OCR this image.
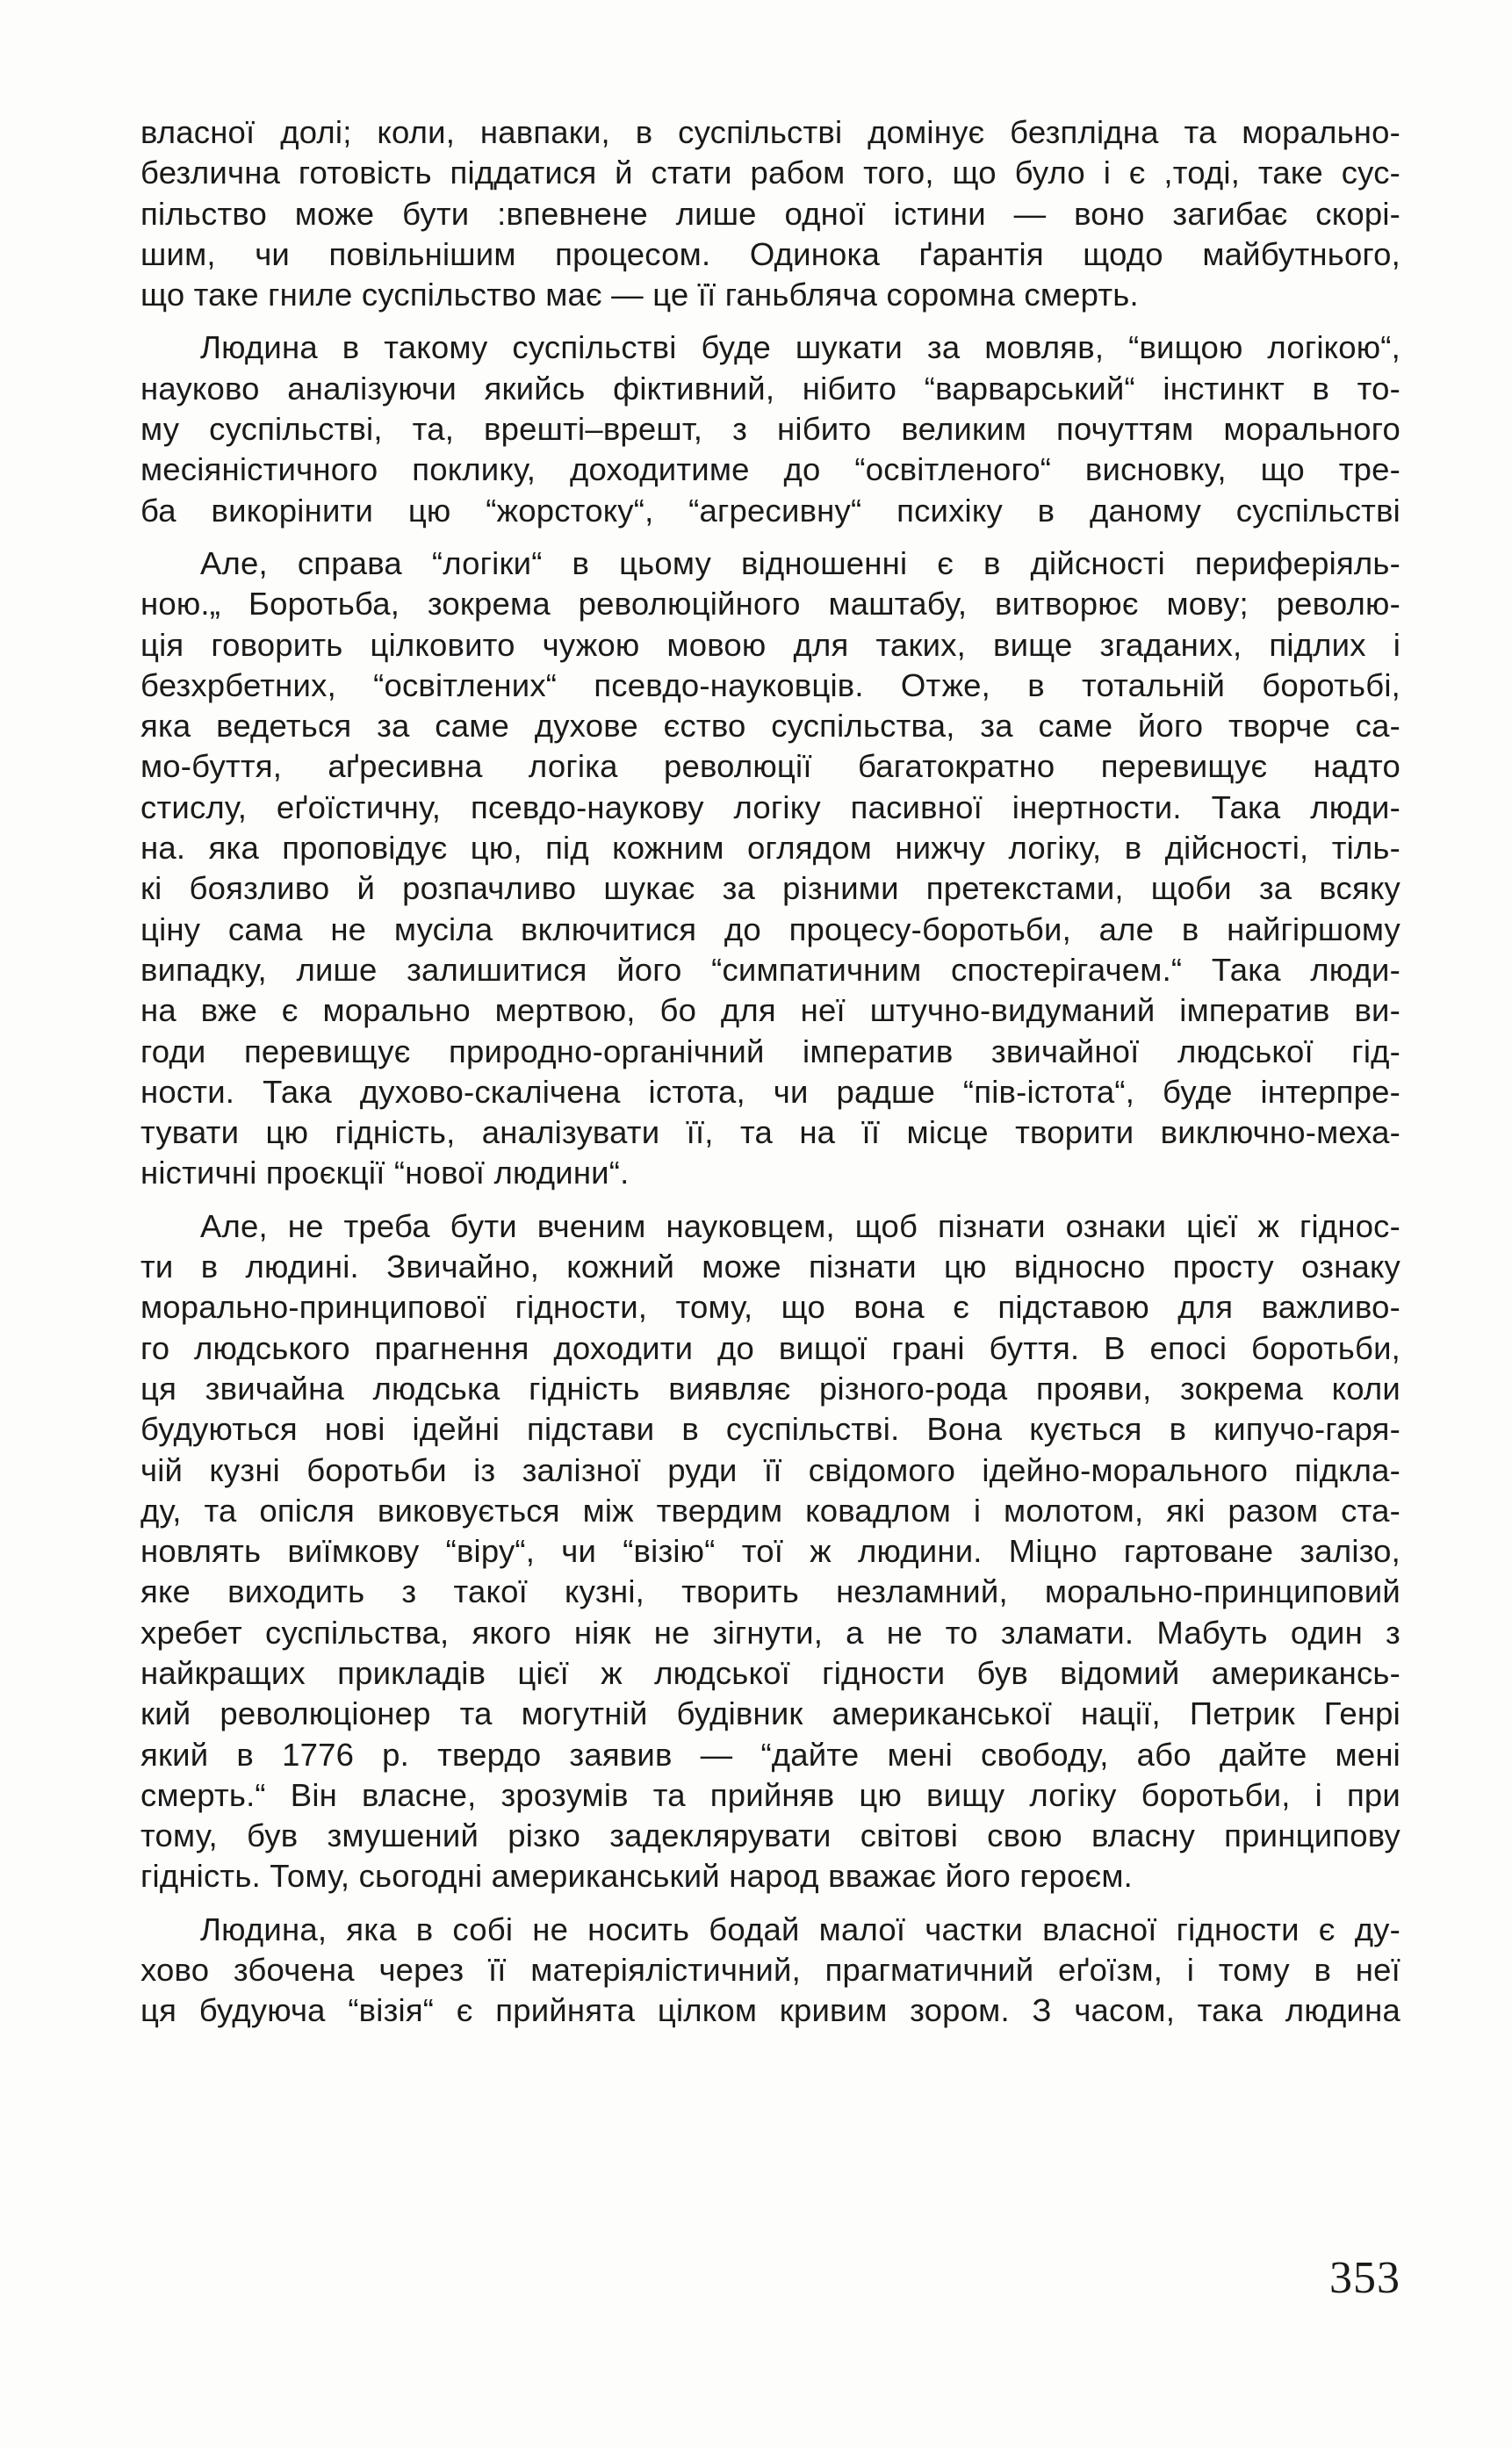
власної долі; коли, навпаки, в суспільстві домінує безплідна та морально-
безлична готовість піддатися й стати рабом того, що було і є ,тоді, таке сус-
пільство може бути :впевнене лише одної істини — воно загибає скорі-
шим, чи повільнішим процесом. Одинока ґарантія щодо майбутнього,
що таке гниле суспільство має — це її ганьбляча соромна смерть.
Людина в такому суспільстві буде шукати за мовляв, “вищою логікою“,
науково аналізуючи якийсь фіктивний, нібито “варварський“ інстинкт в то-
му суспільстві, та, врешті–врешт, з нібито великим почуттям морального
месіяністичного поклику, доходитиме до “освітленого“ висновку, що тре-
ба викорінити цю “жорстоку“, “агресивну“ психіку в даному суспільстві
Але, справа “логіки“ в цьому відношенні є в дійсності периферіяль-
ною.„ Боротьба, зокрема революційного маштабу, витворює мову; револю-
ція говорить цілковито чужою мовою для таких, вище згаданих, підлих і
безхрбетних, “освітлених“ псевдо-науковців. Отже, в тотальній боротьбі,
яка ведеться за саме духове єство суспільства, за саме його творче са-
мо-буття, аґресивна логіка революції багатократно перевищує надто
стислу, еґоїстичну, псевдо-наукову логіку пасивної інертности. Така люди-
на. яка проповідує цю, під кожним оглядом нижчу логіку, в дійсності, тіль-
кі боязливо й розпачливо шукає за різними претекстами, щоби за всяку
ціну сама не мусіла включитися до процесу-боротьби, але в найгіршому
випадку, лише залишитися його “симпатичним спостерігачем.“ Така люди-
на вже є морально мертвою, бо для неї штучно-видуманий імператив ви-
годи перевищує природно-органічний імператив звичайної людської гід-
ности. Така духово-скалічена істота, чи радше “пів-істота“, буде інтерпре-
тувати цю гідність, аналізувати її, та на її місце творити виключно-меха-
ністичні проєкції “нової людини“.
Але, не треба бути вченим науковцем, щоб пізнати ознаки цієї ж гіднос-
ти в людині. Звичайно, кожний може пізнати цю відносно просту ознаку
морально-принципової гідности, тому, що вона є підставою для важливо-
го людського прагнення доходити до вищої грані буття. В епосі боротьби,
ця звичайна людська гідність виявляє різного-рода прояви, зокрема коли
будуються нові ідейні підстави в суспільстві. Вона кується в кипучо-гаря-
чій кузні боротьби із залізної руди її свідомого ідейно-морального підкла-
ду, та опісля виковується між твердим ковадлом і молотом, які разом ста-
новлять виїмкову “віру“, чи “візію“ тої ж людини. Міцно гартоване залізо,
яке виходить з такої кузні, творить незламний, морально-принциповий
хребет суспільства, якого ніяк не зігнути, а не то зламати. Мабуть один з
найкращих прикладів цієї ж людської гідности був відомий американсь-
кий революціонер та могутній будівник американської нації, Петрик Генрі
який в 1776 р. твердо заявив — “дайте мені свободу, або дайте мені
смерть.“ Він власне, зрозумів та прийняв цю вищу логіку боротьби, і при
тому, був змушений різко задеклярувати світові свою власну принципову
гідність. Тому, сьогодні американський народ вважає його героєм.
Людина, яка в собі не носить бодай малої частки власної гідности є ду-
хово збочена через її матеріялістичний, прагматичний еґоїзм, і тому в неї
ця будуюча “візія“ є прийнята цілком кривим зором. З часом, така людина
353
